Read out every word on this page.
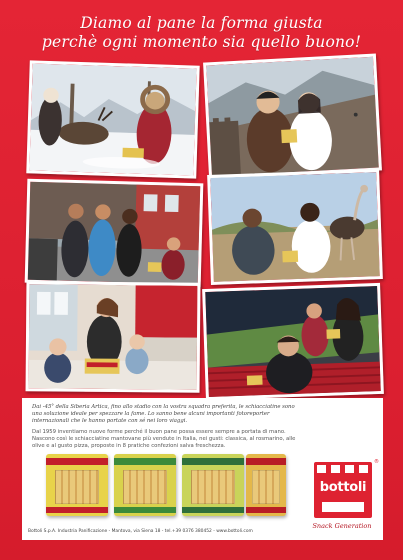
Diamo al pane la forma giusta
perchè ogni momento sia quello buono!

Dai -45° della Siberia Artica, fino allo stadio con la vostra squadra preferita, le schiacciatine sono una soluzione ideale per spezzare la fame. Lo sanno bene alcuni importanti fotoreporter internazionali che le hanno portate con sé nei loro viaggi.

Dal 1959 inventiamo nuove forme perché il buon pane possa essere sempre a portata di mano. Nascono così le schiacciatine mantovane più vendute in Italia, nei gusti: classica, al rosmarino, alle olive e al gusto pizza, proposte in 8 pratiche confezioni salva freschezza.

bottoli
®
Snack Generation
Bottoli S.p.A. Industria Panificazione - Mantova, via Siena 18 - tel.+39 0376 380452 - www.bottoli.com
